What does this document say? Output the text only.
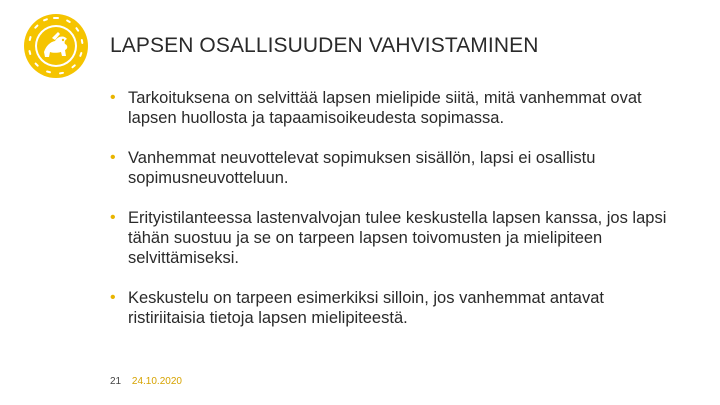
LAPSEN OSALLISUUDEN VAHVISTAMINEN
• Tarkoituksena on selvittää lapsen mielipide siitä, mitä vanhemmat ovat lapsen huollosta ja tapaamisoikeudesta sopimassa.
• Vanhemmat neuvottelevat sopimuksen sisällön, lapsi ei osallistu sopimusneuvotteluun.
• Erityistilanteessa lastenvalvojan tulee keskustella lapsen kanssa, jos lapsi tähän suostuu ja se on tarpeen lapsen toivomusten ja mielipiteen selvittämiseksi.
• Keskustelu on tarpeen esimerkiksi silloin, jos vanhemmat antavat ristiriitaisia tietoja lapsen mielipiteestä.
21 24.10.2020
